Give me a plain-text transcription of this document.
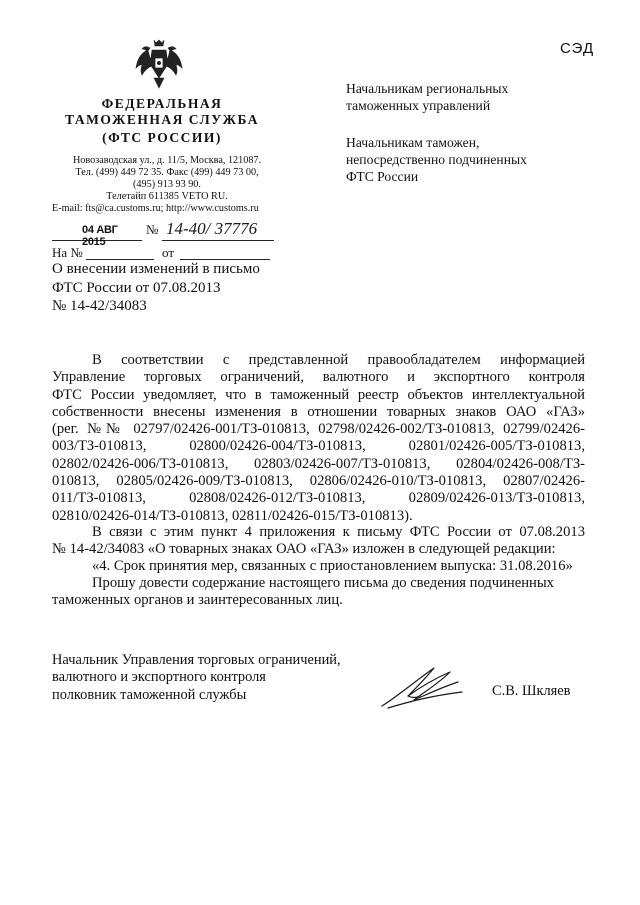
СЭД
ФЕДЕРАЛЬНАЯ
ТАМОЖЕННАЯ СЛУЖБА
(ФТС РОССИИ)
Новозаводская ул., д. 11/5, Москва, 121087.
Тел. (499) 449 72 35. Факс (499) 449 73 00,
(495) 913 93 90.
Телетайп 611385 VETO RU.
E-mail: fts@ca.customs.ru; http://www.customs.ru
04 АВГ 2015
№ 14-40/ 37776
На №	от
О внесении изменений в письмо
ФТС России от 07.08.2013
№ 14-42/34083
Начальникам региональных
таможенных управлений
Начальникам таможен,
непосредственно подчиненных
ФТС России
В соответствии с представленной правообладателем информацией
Управление торговых ограничений, валютного и экспортного контроля
ФТС России уведомляет, что в таможенный реестр объектов интеллектуальной
собственности внесены изменения в отношении товарных знаков ОАО «ГАЗ»
(рег. №№ 02797/02426-001/ТЗ-010813, 02798/02426-002/ТЗ-010813, 02799/02426-
003/ТЗ-010813, 02800/02426-004/ТЗ-010813, 02801/02426-005/ТЗ-010813,
02802/02426-006/ТЗ-010813, 02803/02426-007/ТЗ-010813, 02804/02426-008/ТЗ-
010813, 02805/02426-009/ТЗ-010813, 02806/02426-010/ТЗ-010813, 02807/02426-
011/ТЗ-010813, 02808/02426-012/ТЗ-010813, 02809/02426-013/ТЗ-010813,
02810/02426-014/ТЗ-010813, 02811/02426-015/ТЗ-010813).
В связи с этим пункт 4 приложения к письму ФТС России от 07.08.2013
№ 14-42/34083 «О товарных знаках ОАО «ГАЗ» изложен в следующей редакции:
«4. Срок принятия мер, связанных с приостановлением выпуска: 31.08.2016»
Прошу довести содержание настоящего письма до сведения подчиненных
таможенных органов и заинтересованных лиц.
Начальник Управления торговых ограничений,
валютного и экспортного контроля
полковник таможенной службы	С.В. Шкляев
